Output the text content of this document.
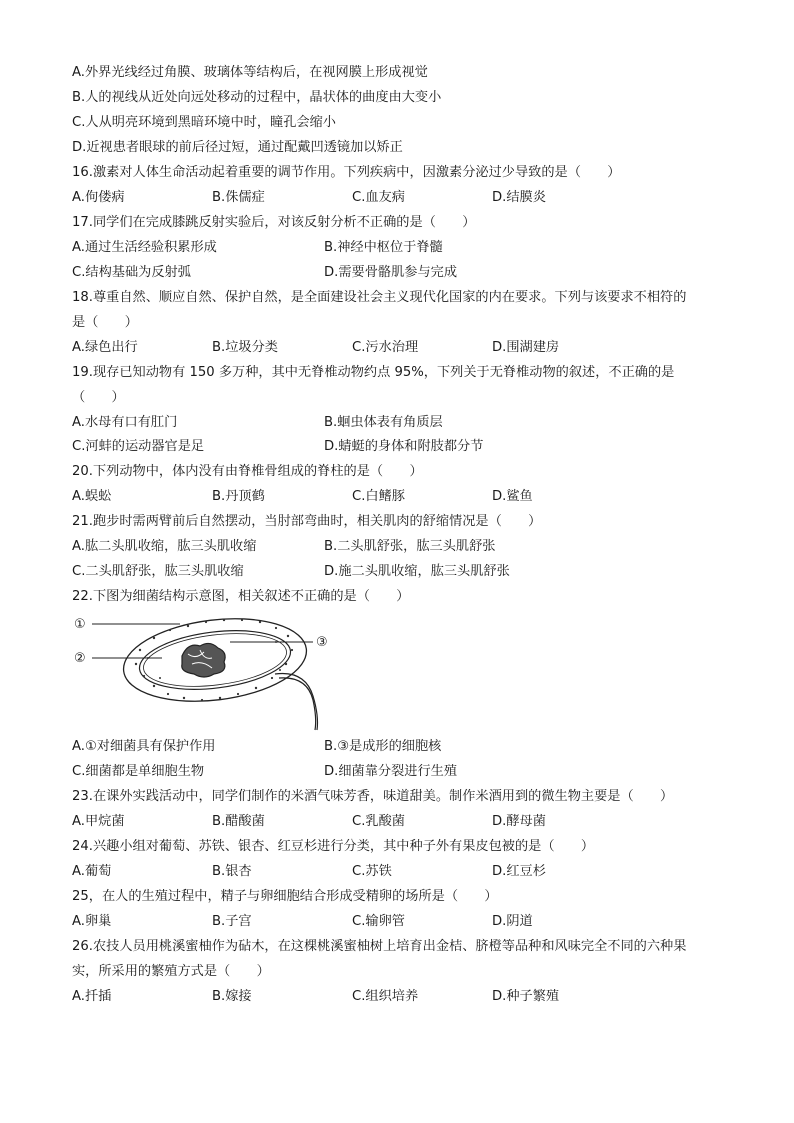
A.外界光线经过角膜、玻璃体等结构后，在视网膜上形成视觉
B.人的视线从近处向远处移动的过程中，晶状体的曲度由大变小
C.人从明亮环境到黑暗环境中时，瞳孔会缩小
D.近视患者眼球的前后径过短，通过配戴凹透镜加以矫正
16.激素对人体生命活动起着重要的调节作用。下列疾病中，因激素分泌过少导致的是（　　）
A.佝偻病	B.侏儒症	C.血友病	D.结膜炎
17.同学们在完成膝跳反射实验后，对该反射分析不正确的是（　　）
A.通过生活经验积累形成	B.神经中枢位于脊髓
C.结构基础为反射弧	D.需要骨骼肌参与完成
18.尊重自然、顺应自然、保护自然，是全面建设社会主义现代化国家的内在要求。下列与该要求不相符的
是（　　）
A.绿色出行	B.垃圾分类	C.污水治理	D.围湖建房
19.现存已知动物有 150 多万种，其中无脊椎动物约点 95%，下列关于无脊椎动物的叙述，不正确的是
（　　）
A.水母有口有肛门	B.蛔虫体表有角质层
C.河蚌的运动器官是足	D.蜻蜓的身体和附肢都分节
20.下列动物中，体内没有由脊椎骨组成的脊柱的是（　　）
A.蜈蚣	B.丹顶鹤	C.白鳍豚	D.鲨鱼
21.跑步时需两臂前后自然摆动，当肘部弯曲时，相关肌肉的舒缩情况是（　　）
A.肱二头肌收缩，肱三头肌收缩	B.二头肌舒张，肱三头肌舒张
C.二头肌舒张，肱三头肌收缩	D.施二头肌收缩，肱三头肌舒张
22.下图为细菌结构示意图，相关叙述不正确的是（　　）
①
②
③
A.①对细菌具有保护作用	B.③是成形的细胞核
C.细菌都是单细胞生物	D.细菌靠分裂进行生殖
23.在课外实践活动中，同学们制作的米酒气味芳香，味道甜美。制作米酒用到的微生物主要是（　　）
A.甲烷菌	B.醋酸菌	C.乳酸菌	D.酵母菌
24.兴趣小组对葡萄、苏铁、银杏、红豆杉进行分类，其中种子外有果皮包被的是（　　）
A.葡萄	B.银杏	C.苏铁	D.红豆杉
25，在人的生殖过程中，精子与卵细胞结合形成受精卵的场所是（　　）
A.卵巢	B.子宫	C.输卵管	D.阴道
26.农技人员用桃溪蜜柚作为砧木，在这棵桃溪蜜柚树上培育出金桔、脐橙等品种和风味完全不同的六种果
实，所采用的繁殖方式是（　　）
A.扦插	B.嫁接	C.组织培养	D.种子繁殖
